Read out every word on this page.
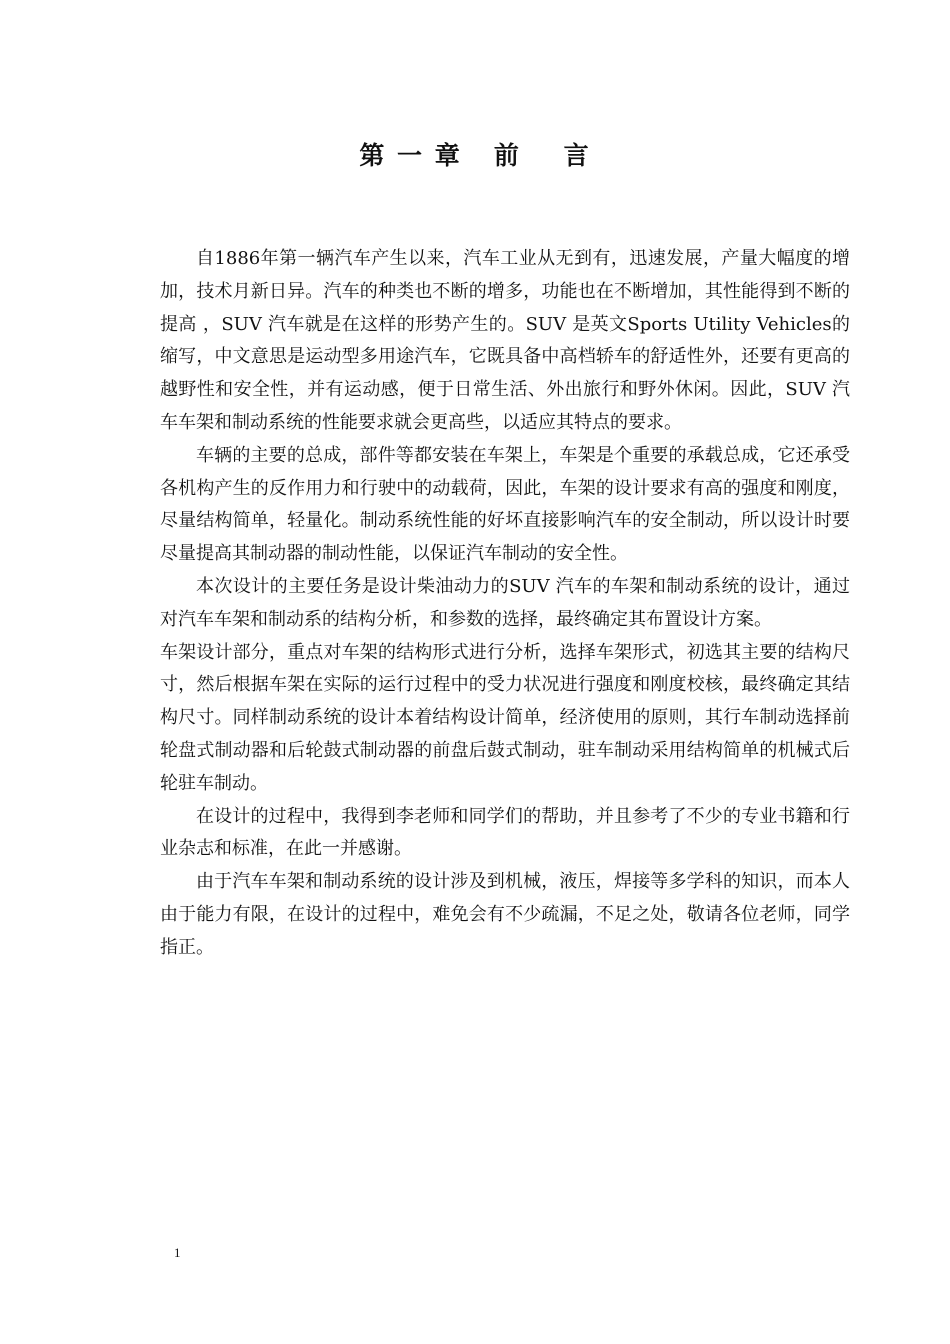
第 一 章   前    言

自1886年第一辆汽车产生以来，汽车工业从无到有，迅速发展，产量大幅度的增加，技术月新日异。汽车的种类也不断的增多，功能也在不断增加，其性能得到不断的提高 ，SUV 汽车就是在这样的形势产生的。SUV 是英文Sports Utility Vehicles的缩写，中文意思是运动型多用途汽车，它既具备中高档轿车的舒适性外，还要有更高的越野性和安全性，并有运动感，便于日常生活、外出旅行和野外休闲。因此，SUV 汽车车架和制动系统的性能要求就会更高些，以适应其特点的要求。

车辆的主要的总成，部件等都安装在车架上，车架是个重要的承载总成，它还承受各机构产生的反作用力和行驶中的动载荷，因此，车架的设计要求有高的强度和刚度，尽量结构简单，轻量化。制动系统性能的好坏直接影响汽车的安全制动，所以设计时要尽量提高其制动器的制动性能，以保证汽车制动的安全性。

本次设计的主要任务是设计柴油动力的SUV 汽车的车架和制动系统的设计，通过对汽车车架和制动系的结构分析，和参数的选择，最终确定其布置设计方案。

车架设计部分，重点对车架的结构形式进行分析，选择车架形式，初选其主要的结构尺寸，然后根据车架在实际的运行过程中的受力状况进行强度和刚度校核，最终确定其结构尺寸。同样制动系统的设计本着结构设计简单，经济使用的原则，其行车制动选择前轮盘式制动器和后轮鼓式制动器的前盘后鼓式制动，驻车制动采用结构简单的机械式后轮驻车制动。

在设计的过程中，我得到李老师和同学们的帮助，并且参考了不少的专业书籍和行业杂志和标准，在此一并感谢。

由于汽车车架和制动系统的设计涉及到机械，液压，焊接等多学科的知识，而本人由于能力有限，在设计的过程中，难免会有不少疏漏，不足之处，敬请各位老师，同学指正。

1
